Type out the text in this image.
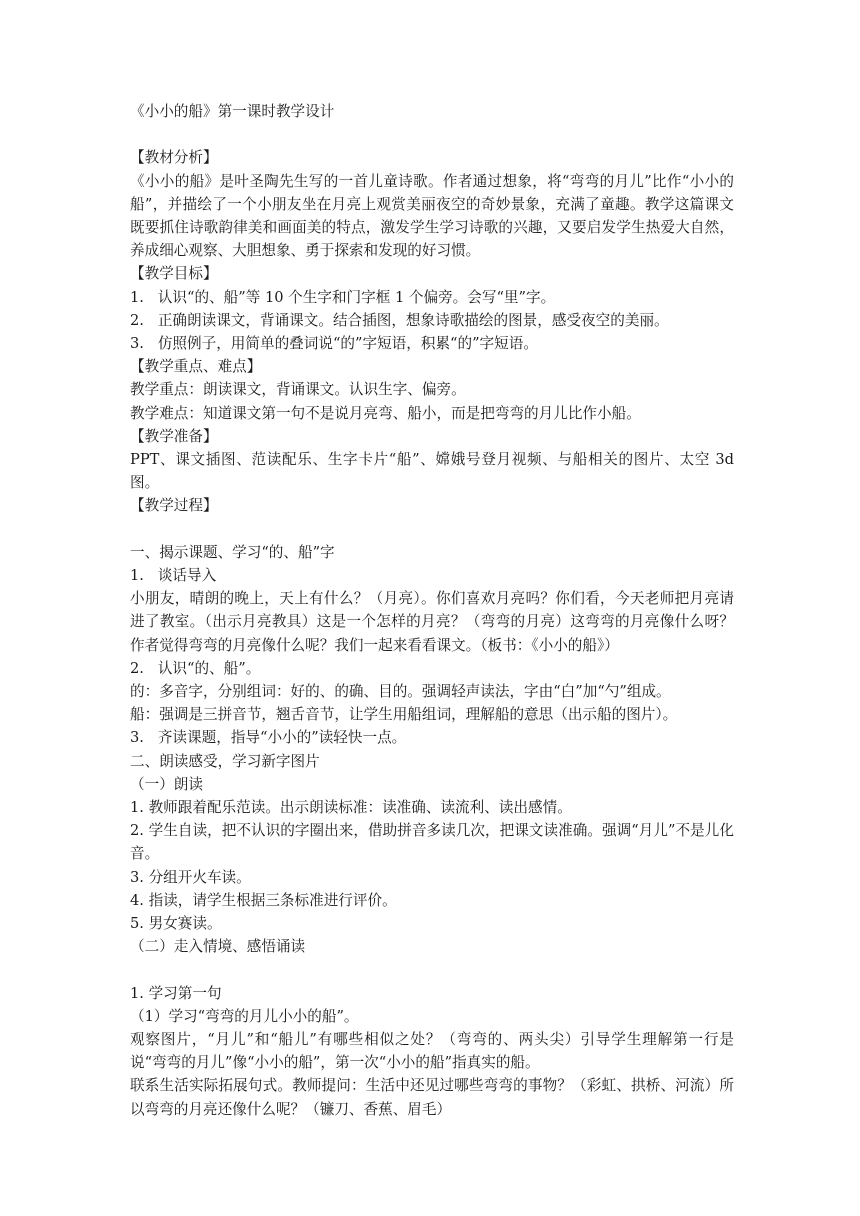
《小小的船》第一课时教学设计
【教材分析】
《小小的船》是叶圣陶先生写的一首儿童诗歌。作者通过想象，将“弯弯的月儿”比作“小小的船”，并描绘了一个小朋友坐在月亮上观赏美丽夜空的奇妙景象，充满了童趣。教学这篇课文既要抓住诗歌韵律美和画面美的特点，激发学生学习诗歌的兴趣，又要启发学生热爱大自然，养成细心观察、大胆想象、勇于探索和发现的好习惯。
【教学目标】
1.   认识“的、船”等 10 个生字和门字框 1 个偏旁。会写“里”字。
2.   正确朗读课文，背诵课文。结合插图，想象诗歌描绘的图景，感受夜空的美丽。
3.   仿照例子，用简单的叠词说“的”字短语，积累“的”字短语。
【教学重点、难点】
教学重点：朗读课文，背诵课文。认识生字、偏旁。
教学难点：知道课文第一句不是说月亮弯、船小，而是把弯弯的月儿比作小船。
【教学准备】
PPT、课文插图、范读配乐、生字卡片“船”、嫦娥号登月视频、与船相关的图片、太空 3d 图。
【教学过程】
一、揭示课题、学习“的、船”字
1.   谈话导入
小朋友，晴朗的晚上，天上有什么？（月亮）。你们喜欢月亮吗？你们看，今天老师把月亮请进了教室。（出示月亮教具）这是一个怎样的月亮？（弯弯的月亮）这弯弯的月亮像什么呀？作者觉得弯弯的月亮像什么呢？我们一起来看看课文。（板书：《小小的船》）
2.   认识“的、船”。
的：多音字，分别组词：好的、的确、目的。强调轻声读法，字由“白”加“勺”组成。
船：强调是三拼音节，翘舌音节，让学生用船组词，理解船的意思（出示船的图片）。
3.   齐读课题，指导“小小的”读轻快一点。
二、朗读感受，学习新字图片
（一）朗读
1. 教师跟着配乐范读。出示朗读标准：读准确、读流利、读出感情。
2. 学生自读，把不认识的字圈出来，借助拼音多读几次，把课文读准确。强调“月儿”不是儿化音。
3. 分组开火车读。
4. 指读，请学生根据三条标准进行评价。
5. 男女赛读。
（二）走入情境、感悟诵读
1. 学习第一句
（1）学习“弯弯的月儿小小的船”。
观察图片，“月儿”和“船儿”有哪些相似之处？（弯弯的、两头尖）引导学生理解第一行是说“弯弯的月儿”像“小小的船”，第一次“小小的船”指真实的船。
联系生活实际拓展句式。教师提问：生活中还见过哪些弯弯的事物？（彩虹、拱桥、河流）所以弯弯的月亮还像什么呢？（镰刀、香蕉、眉毛）
